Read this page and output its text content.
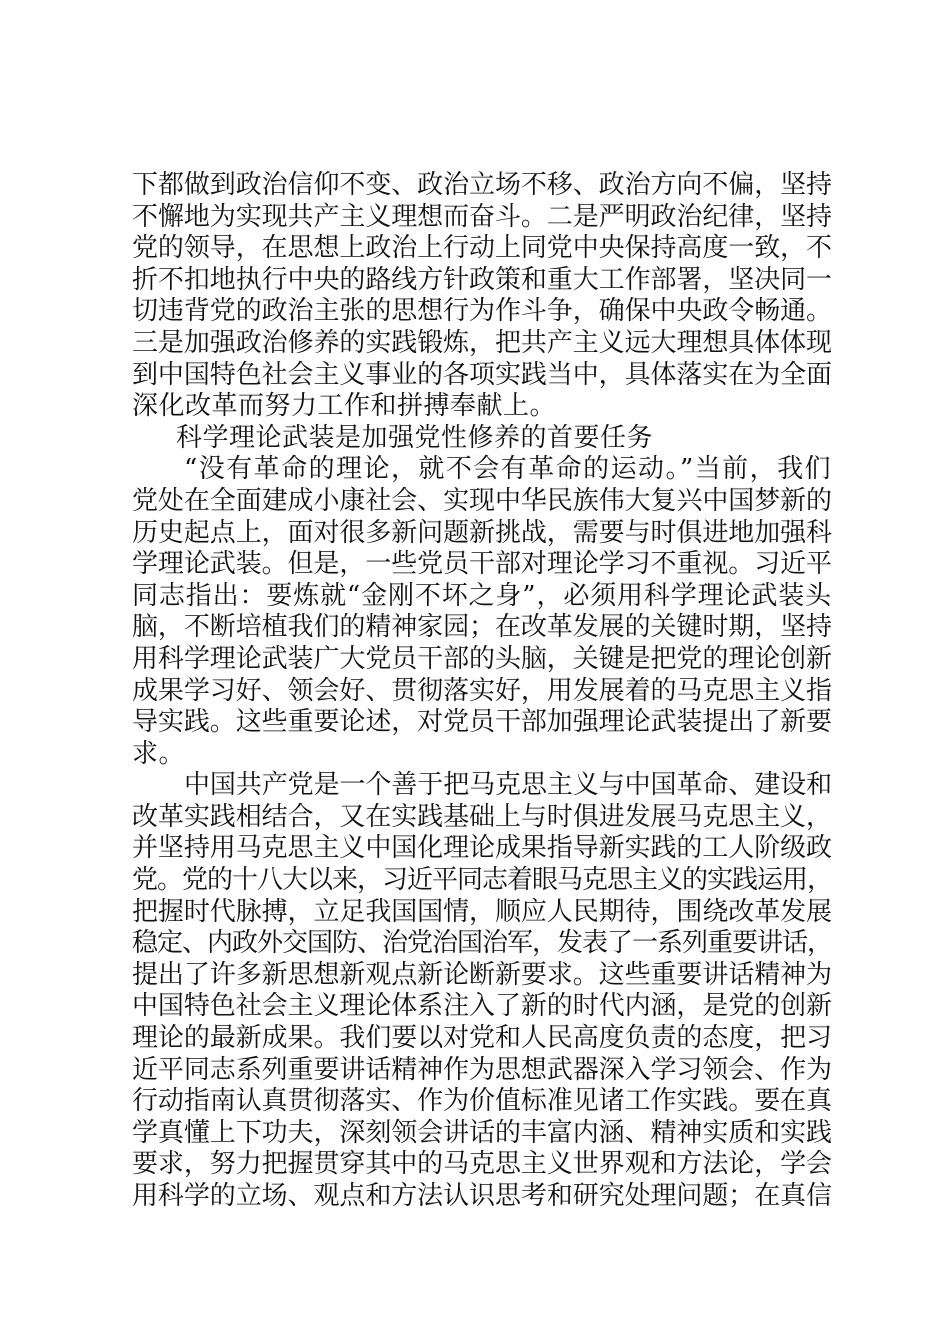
下都做到政治信仰不变、政治立场不移、政治方向不偏，坚持
不懈地为实现共产主义理想而奋斗。二是严明政治纪律，坚持
党的领导，在思想上政治上行动上同党中央保持高度一致，不
折不扣地执行中央的路线方针政策和重大工作部署，坚决同一
切违背党的政治主张的思想行为作斗争，确保中央政令畅通。
三是加强政治修养的实践锻炼，把共产主义远大理想具体体现
到中国特色社会主义事业的各项实践当中，具体落实在为全面
深化改革而努力工作和拼搏奉献上。
科学理论武装是加强党性修养的首要任务
“没有革命的理论，就不会有革命的运动。”当前，我们
党处在全面建成小康社会、实现中华民族伟大复兴中国梦新的
历史起点上，面对很多新问题新挑战，需要与时俱进地加强科
学理论武装。但是，一些党员干部对理论学习不重视。习近平
同志指出：要炼就“金刚不坏之身”，必须用科学理论武装头
脑，不断培植我们的精神家园；在改革发展的关键时期，坚持
用科学理论武装广大党员干部的头脑，关键是把党的理论创新
成果学习好、领会好、贯彻落实好，用发展着的马克思主义指
导实践。这些重要论述，对党员干部加强理论武装提出了新要
求。
中国共产党是一个善于把马克思主义与中国革命、建设和
改革实践相结合，又在实践基础上与时俱进发展马克思主义，
并坚持用马克思主义中国化理论成果指导新实践的工人阶级政
党。党的十八大以来，习近平同志着眼马克思主义的实践运用，
把握时代脉搏，立足我国国情，顺应人民期待，围绕改革发展
稳定、内政外交国防、治党治国治军，发表了一系列重要讲话，
提出了许多新思想新观点新论断新要求。这些重要讲话精神为
中国特色社会主义理论体系注入了新的时代内涵，是党的创新
理论的最新成果。我们要以对党和人民高度负责的态度，把习
近平同志系列重要讲话精神作为思想武器深入学习领会、作为
行动指南认真贯彻落实、作为价值标准见诸工作实践。要在真
学真懂上下功夫，深刻领会讲话的丰富内涵、精神实质和实践
要求，努力把握贯穿其中的马克思主义世界观和方法论，学会
用科学的立场、观点和方法认识思考和研究处理问题；在真信
